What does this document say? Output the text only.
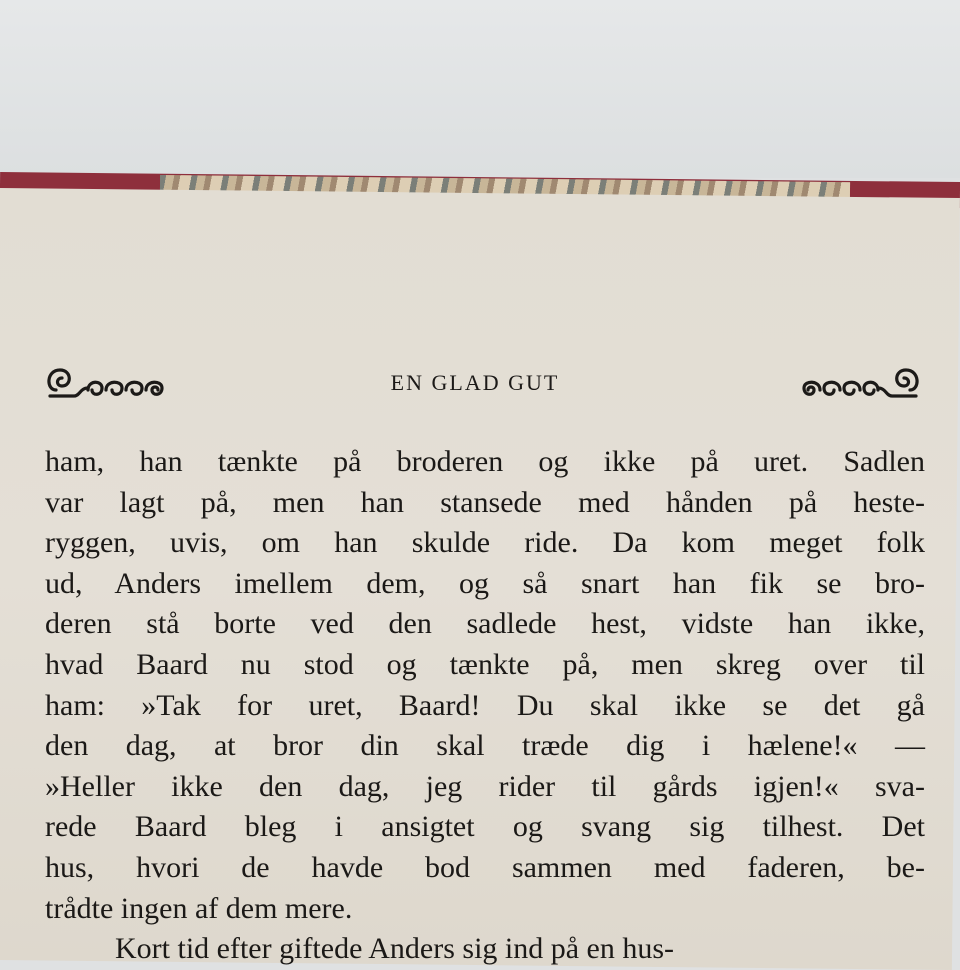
EN GLAD GUT
ham, han tænkte på broderen og ikke på uret. Sadlen
var lagt på, men han stansede med hånden på heste-
ryggen, uvis, om han skulde ride. Da kom meget folk
ud, Anders imellem dem, og så snart han fik se bro-
deren stå borte ved den sadlede hest, vidste han ikke,
hvad Baard nu stod og tænkte på, men skreg over til
ham: »Tak for uret, Baard! Du skal ikke se det gå
den dag, at bror din skal træde dig i hælene!« —
»Heller ikke den dag, jeg rider til gårds igjen!« sva-
rede Baard bleg i ansigtet og svang sig tilhest. Det
hus, hvori de havde bod sammen med faderen, be-
trådte ingen af dem mere.
Kort tid efter giftede Anders sig ind på en hus-
